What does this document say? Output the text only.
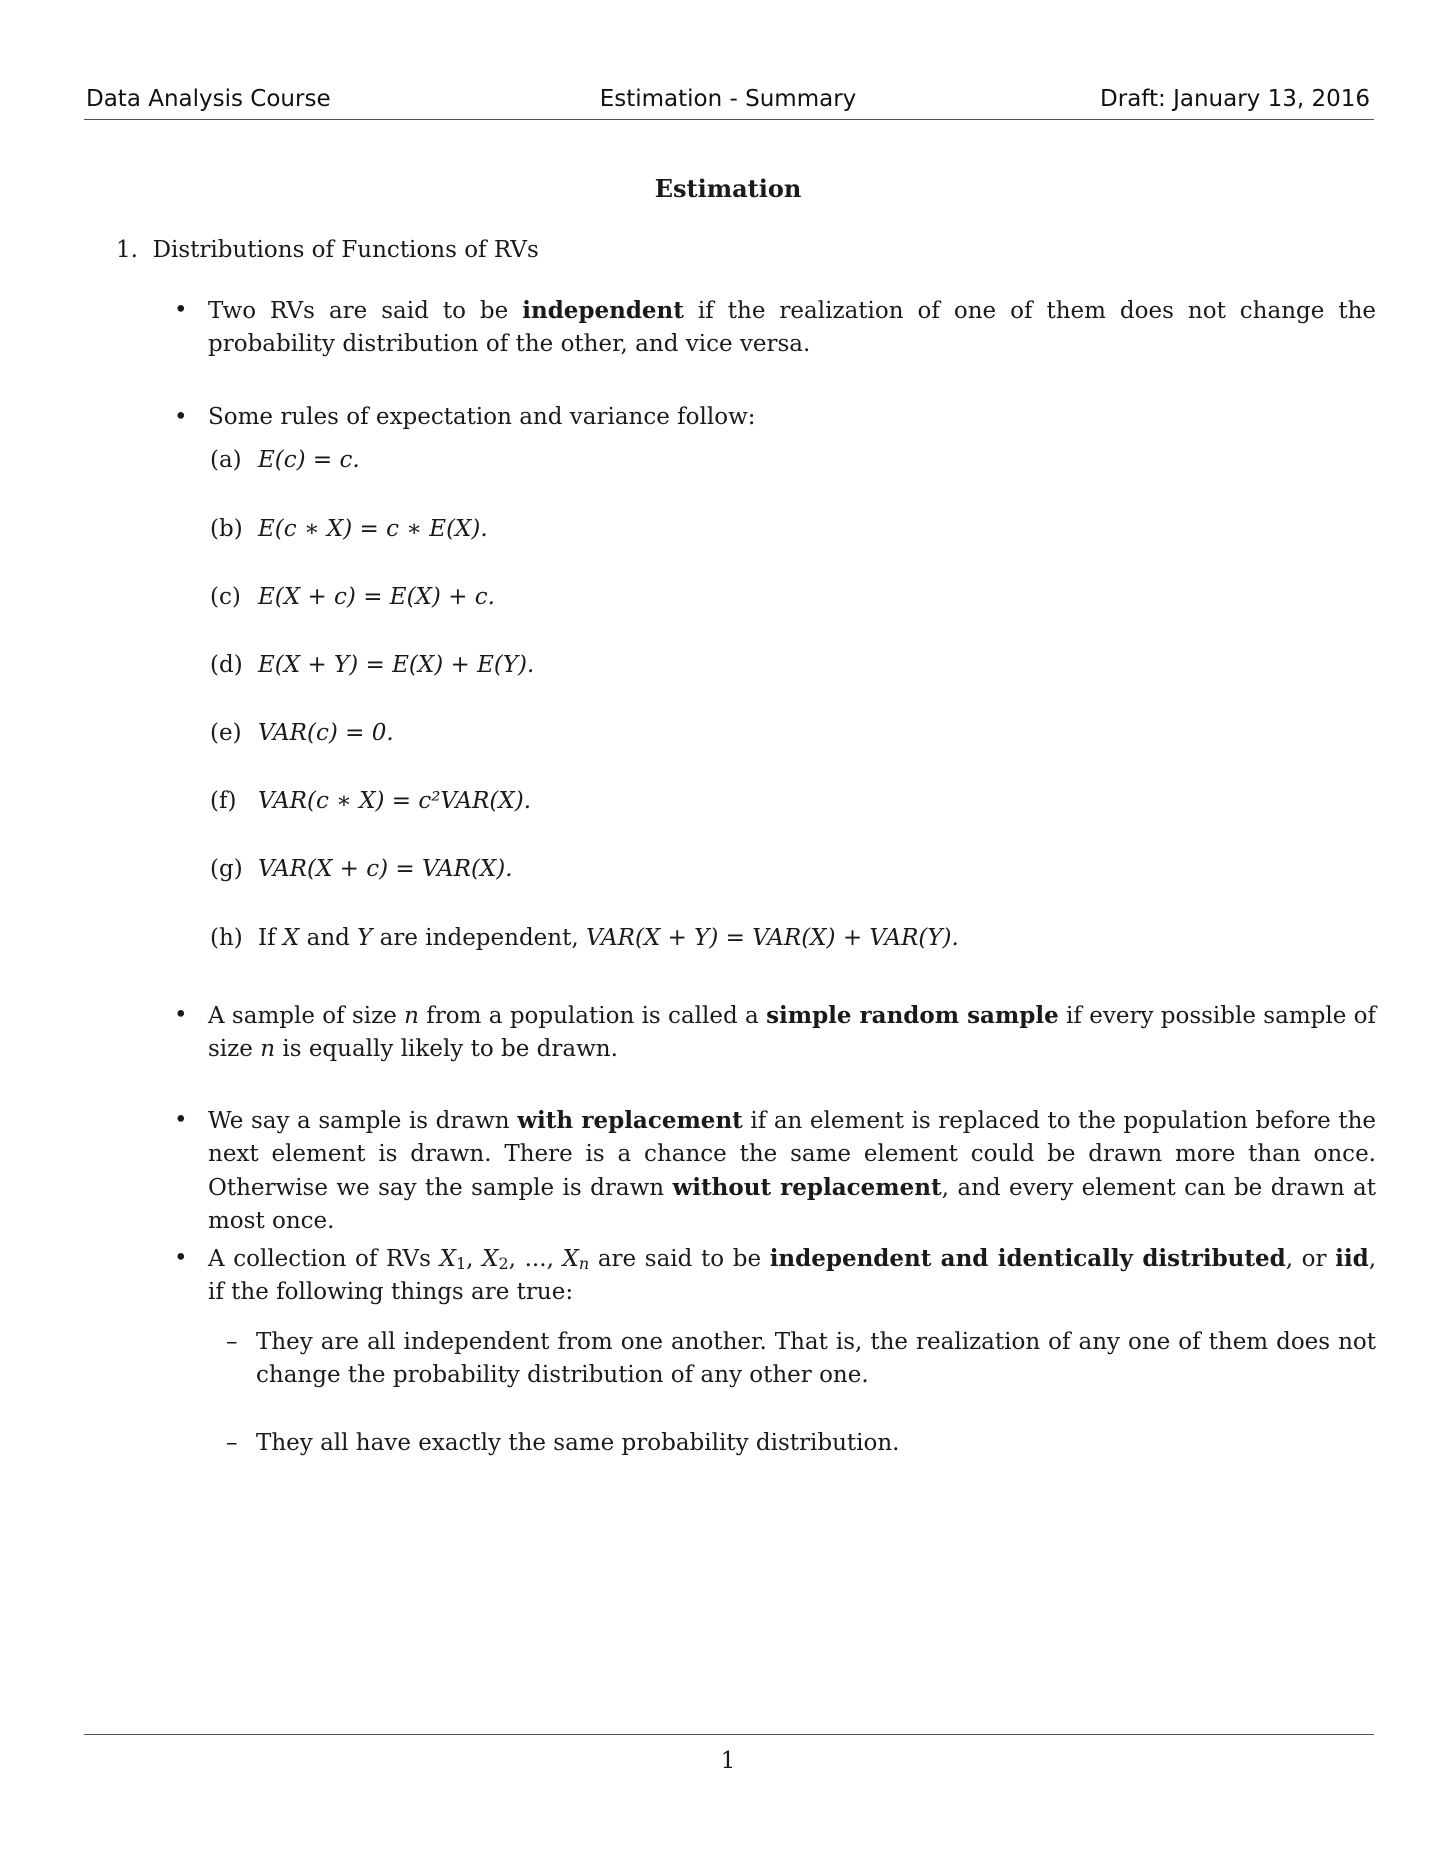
Data Analysis Course	Estimation - Summary	Draft: January 13, 2016
Estimation
1. Distributions of Functions of RVs
• Two RVs are said to be independent if the realization of one of them does not change the probability distribution of the other, and vice versa.
• Some rules of expectation and variance follow:
(a) E(c) = c.
(b) E(c ∗ X) = c ∗ E(X).
(c) E(X + c) = E(X) + c.
(d) E(X + Y) = E(X) + E(Y).
(e) VAR(c) = 0.
(f) VAR(c ∗ X) = c²VAR(X).
(g) VAR(X + c) = VAR(X).
(h) If X and Y are independent, VAR(X + Y) = VAR(X) + VAR(Y).
• A sample of size n from a population is called a simple random sample if every possible sample of size n is equally likely to be drawn.
• We say a sample is drawn with replacement if an element is replaced to the population before the next element is drawn. There is a chance the same element could be drawn more than once. Otherwise we say the sample is drawn without replacement, and every element can be drawn at most once.
• A collection of RVs $X_1$, $X_2$, ..., $X_n$ are said to be independent and identically distributed, or iid, if the following things are true:
– They are all independent from one another. That is, the realization of any one of them does not change the probability distribution of any other one.
– They all have exactly the same probability distribution.
1
